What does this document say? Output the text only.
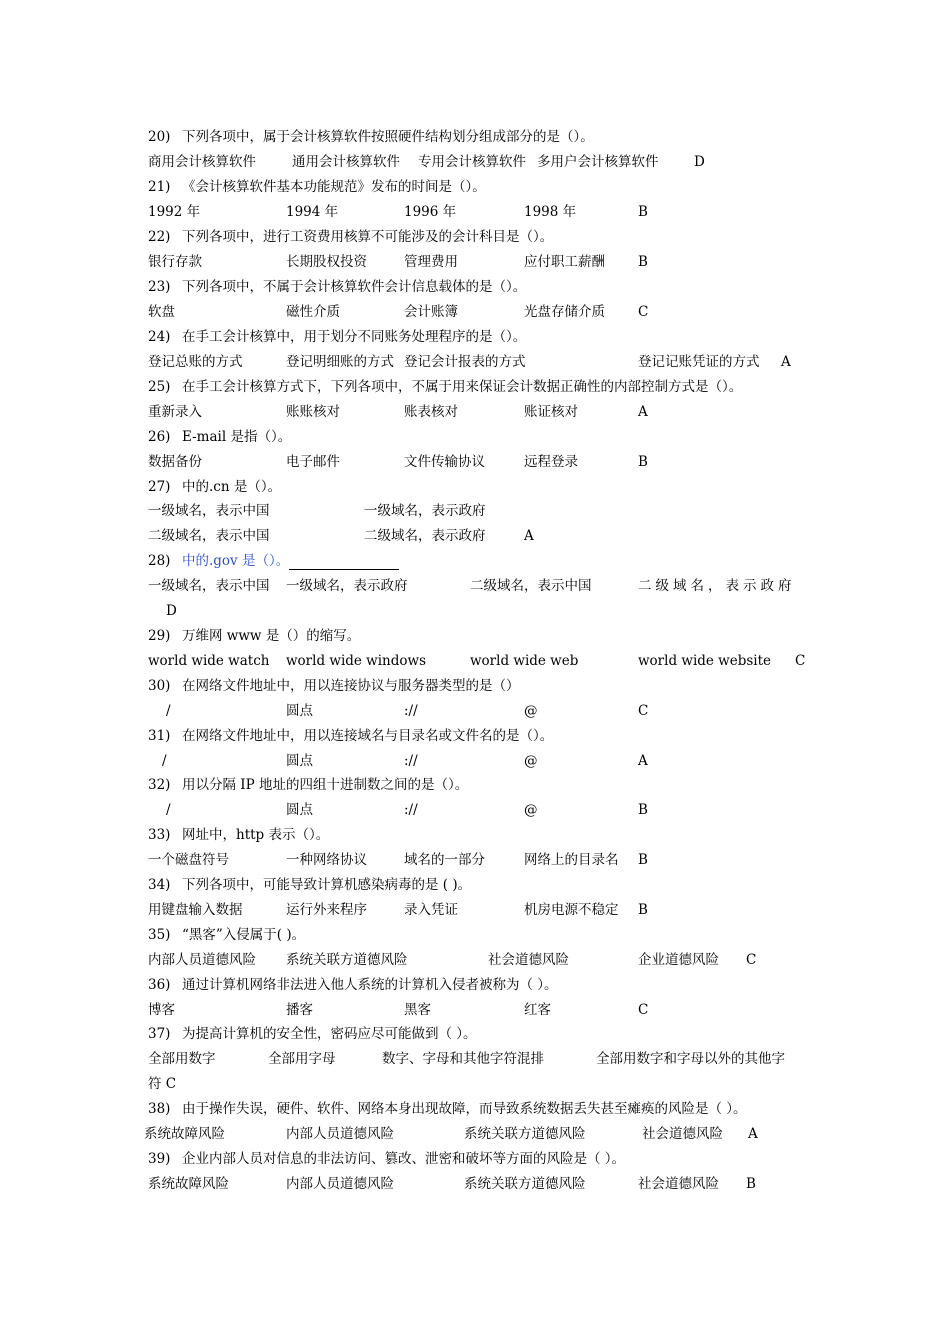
20) 下列各项中，属于会计核算软件按照硬件结构划分组成部分的是（）。
商用会计核算软件	通用会计核算软件 专用会计核算软件 多用户会计核算软件	D
21) 《会计核算软件基本功能规范》发布的时间是（）。
1992 年	1994 年	1996 年	1998 年	B
22) 下列各项中，进行工资费用核算不可能涉及的会计科目是（）。
银行存款	长期股权投资	管理费用	应付职工薪酬 B
23) 下列各项中，不属于会计核算软件会计信息载体的是（）。
软盘	磁性介质	会计账簿	光盘存储介质 C
24) 在手工会计核算中，用于划分不同账务处理程序的是（）。
登记总账的方式	登记明细账的方式 登记会计报表的方式	登记记账凭证的方式 A
25) 在手工会计核算方式下，下列各项中，不属于用来保证会计数据正确性的内部控制方式是（）。
重新录入	账账核对	账表核对	账证核对	A
26) E-mail 是指（）。
数据备份	电子邮件	文件传输协议	远程登录	B
27) 中的.cn 是（）。
一级域名，表示中国	一级域名，表示政府
二级域名，表示中国	二级域名，表示政府	A
28) 中的.gov 是（）。
一级域名，表示中国 一级域名，表示政府	二级域名，表示中国	二级域名，表示政府
D
29) 万维网 www 是（）的缩写。
world wide watch world wide windows	world wide web	world wide website C
30) 在网络文件地址中，用以连接协议与服务器类型的是（）
/	圆点	://	@	C
31) 在网络文件地址中，用以连接域名与目录名或文件名的是（）。
/	圆点	://	@	A
32) 用以分隔 IP 地址的四组十进制数之间的是（）。
/	圆点	://	@	B
33) 网址中，http 表示（）。
一个磁盘符号	一种网络协议	域名的一部分	网络上的目录名 B
34) 下列各项中，可能导致计算机感染病毒的是 ( )。
用键盘输入数据	运行外来程序	录入凭证	机房电源不稳定 B
35) “黑客”入侵属于( )。
内部人员道德风险 系统关联方道德风险	社会道德风险	企业道德风险 C
36) 通过计算机网络非法进入他人系统的计算机入侵者被称为（ ）。
博客	播客	黑客	红客	C
37) 为提高计算机的安全性，密码应尽可能做到（ ）。
全部用数字	全部用字母	数字、字母和其他字符混排	全部用数字和字母以外的其他字
符 C
38) 由于操作失误，硬件、软件、网络本身出现故障，而导致系统数据丢失甚至瘫痪的风险是（ ）。
系统故障风险	内部人员道德风险	系统关联方道德风险	社会道德风险 A
39) 企业内部人员对信息的非法访问、篡改、泄密和破坏等方面的风险是（ ）。
系统故障风险	内部人员道德风险	系统关联方道德风险	社会道德风险 B
